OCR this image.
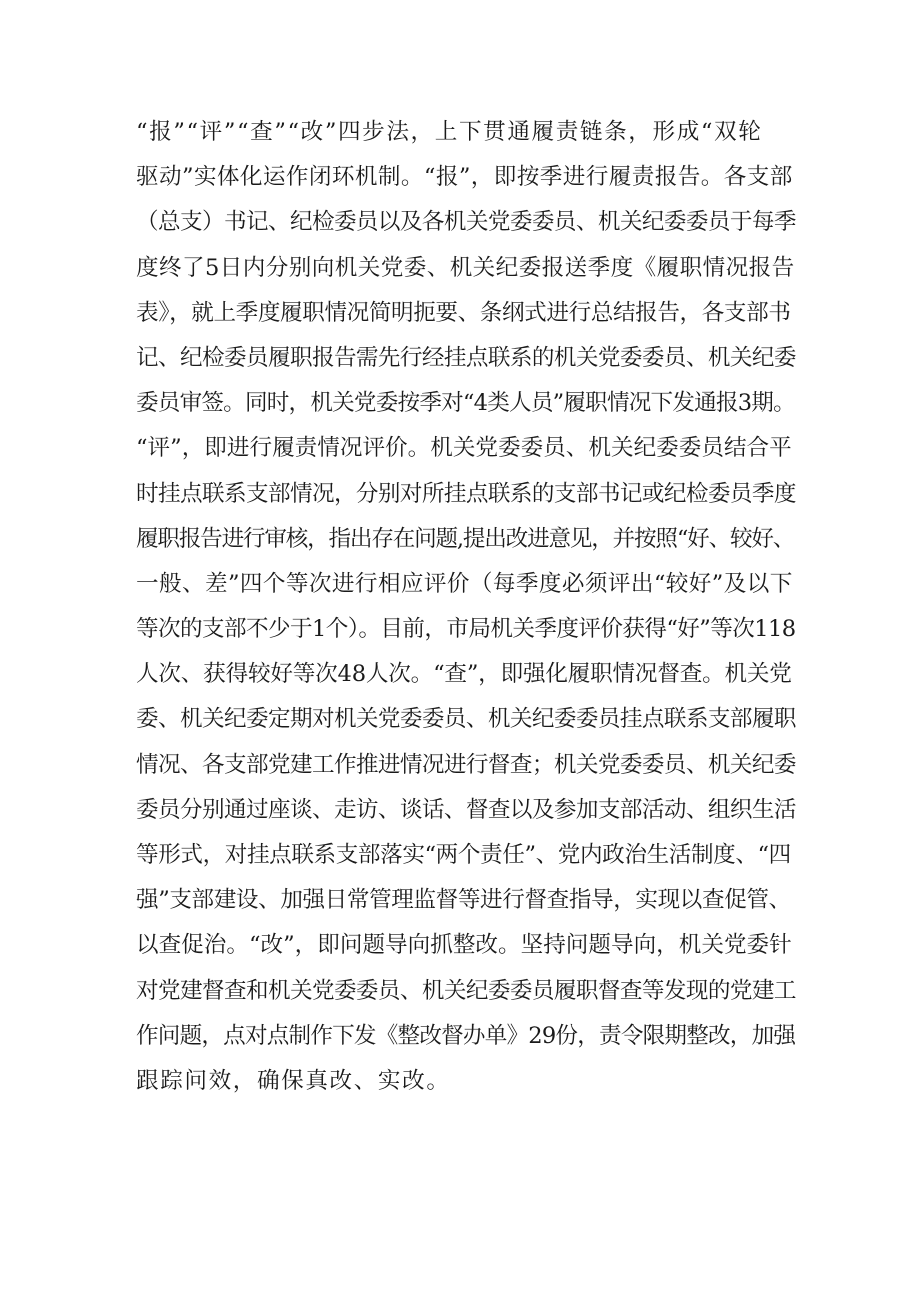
“报”“评”“查”“改”四步法，上下贯通履责链条，形成“双轮
驱动”实体化运作闭环机制。“报”，即按季进行履责报告。各支部
（总支）书记、纪检委员以及各机关党委委员、机关纪委委员于每季
度终了5日内分别向机关党委、机关纪委报送季度《履职情况报告
表》，就上季度履职情况简明扼要、条纲式进行总结报告，各支部书
记、纪检委员履职报告需先行经挂点联系的机关党委委员、机关纪委
委员审签。同时，机关党委按季对“4类人员”履职情况下发通报3期。
“评”，即进行履责情况评价。机关党委委员、机关纪委委员结合平
时挂点联系支部情况，分别对所挂点联系的支部书记或纪检委员季度
履职报告进行审核，指出存在问题,提出改进意见，并按照“好、较好、
一般、差”四个等次进行相应评价（每季度必须评出“较好”及以下
等次的支部不少于1个）。目前，市局机关季度评价获得“好”等次118
人次、获得较好等次48人次。“查”，即强化履职情况督查。机关党
委、机关纪委定期对机关党委委员、机关纪委委员挂点联系支部履职
情况、各支部党建工作推进情况进行督查；机关党委委员、机关纪委
委员分别通过座谈、走访、谈话、督查以及参加支部活动、组织生活
等形式，对挂点联系支部落实“两个责任”、党内政治生活制度、“四
强”支部建设、加强日常管理监督等进行督查指导，实现以查促管、
以查促治。“改”，即问题导向抓整改。坚持问题导向，机关党委针
对党建督查和机关党委委员、机关纪委委员履职督查等发现的党建工
作问题，点对点制作下发《整改督办单》29份，责令限期整改，加强
跟踪问效，确保真改、实改。
